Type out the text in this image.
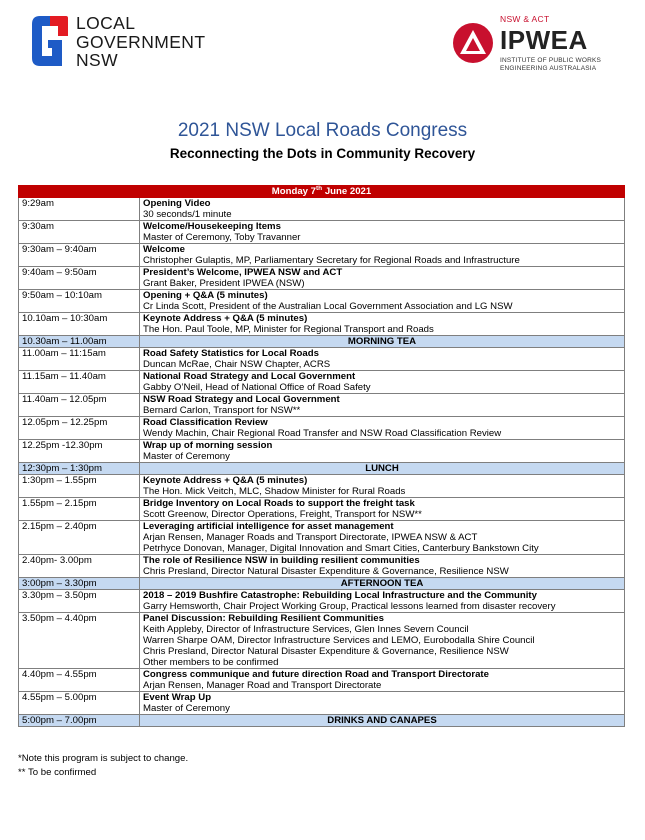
LOCAL
GOVERNMENT
NSW
NSW & ACT
IPWEA
INSTITUTE OF PUBLIC WORKS
ENGINEERING AUSTRALASIA
2021 NSW Local Roads Congress
Reconnecting the Dots in Community Recovery
Monday 7th June 2021	
9:29am	Opening Video
30 seconds/1 minute

9:30am	Welcome/Housekeeping Items
Master of Ceremony, Toby Travanner

9:30am – 9:40am	Welcome
Christopher Gulaptis, MP, Parliamentary Secretary for Regional Roads and Infrastructure

9:40am – 9:50am	President’s Welcome, IPWEA NSW and ACT
Grant Baker, President IPWEA (NSW)

9:50am – 10:10am	Opening + Q&A (5 minutes)
Cr Linda Scott, President of the Australian Local Government Association and LG NSW

10.10am – 10:30am	Keynote Address + Q&A (5 minutes)
The Hon. Paul Toole, MP, Minister for Regional Transport and Roads

10.30am – 11.00am	MORNING TEA
11.00am – 11:15am	Road Safety Statistics for Local Roads
Duncan McRae, Chair NSW Chapter, ACRS

11.15am – 11.40am	National Road Strategy and Local Government
Gabby O’Neil, Head of National Office of Road Safety

11.40am – 12.05pm	NSW Road Strategy and Local Government
Bernard Carlon, Transport for NSW**

12.05pm – 12.25pm	Road Classification Review
Wendy Machin, Chair Regional Road Transfer and NSW Road Classification Review

12.25pm -12.30pm	Wrap up of morning session
Master of Ceremony

12:30pm – 1:30pm	LUNCH
1:30pm – 1.55pm	Keynote Address + Q&A (5 minutes)
The Hon. Mick Veitch, MLC, Shadow Minister for Rural Roads

1.55pm – 2.15pm	Bridge Inventory on Local Roads to support the freight task
Scott Greenow, Director Operations, Freight, Transport for NSW**

2.15pm – 2.40pm	Leveraging artificial intelligence for asset management
Arjan Rensen, Manager Roads and Transport Directorate, IPWEA NSW & ACT
Petrhyce Donovan, Manager, Digital Innovation and Smart Cities, Canterbury Bankstown City

2.40pm- 3.00pm	The role of Resilience NSW in building resilient communities
Chris Presland, Director Natural Disaster Expenditure & Governance, Resilience NSW

3:00pm – 3.30pm	AFTERNOON TEA
3.30pm – 3.50pm	2018 – 2019 Bushfire Catastrophe: Rebuilding Local Infrastructure and the Community
Garry Hemsworth, Chair Project Working Group, Practical lessons learned from disaster recovery

3.50pm – 4.40pm	Panel Discussion: Rebuilding Resilient Communities
Keith Appleby, Director of Infrastructure Services, Glen Innes Severn Council
Warren Sharpe OAM, Director Infrastructure Services and LEMO, Eurobodalla Shire Council
Chris Presland, Director Natural Disaster Expenditure & Governance, Resilience NSW
Other members to be confirmed

4.40pm – 4.55pm	Congress communique and future direction Road and Transport Directorate
Arjan Rensen, Manager Road and Transport Directorate

4.55pm – 5.00pm	Event Wrap Up
Master of Ceremony

5:00pm – 7.00pm	DRINKS AND CANAPES
*Note this program is subject to change.
** To be confirmed
